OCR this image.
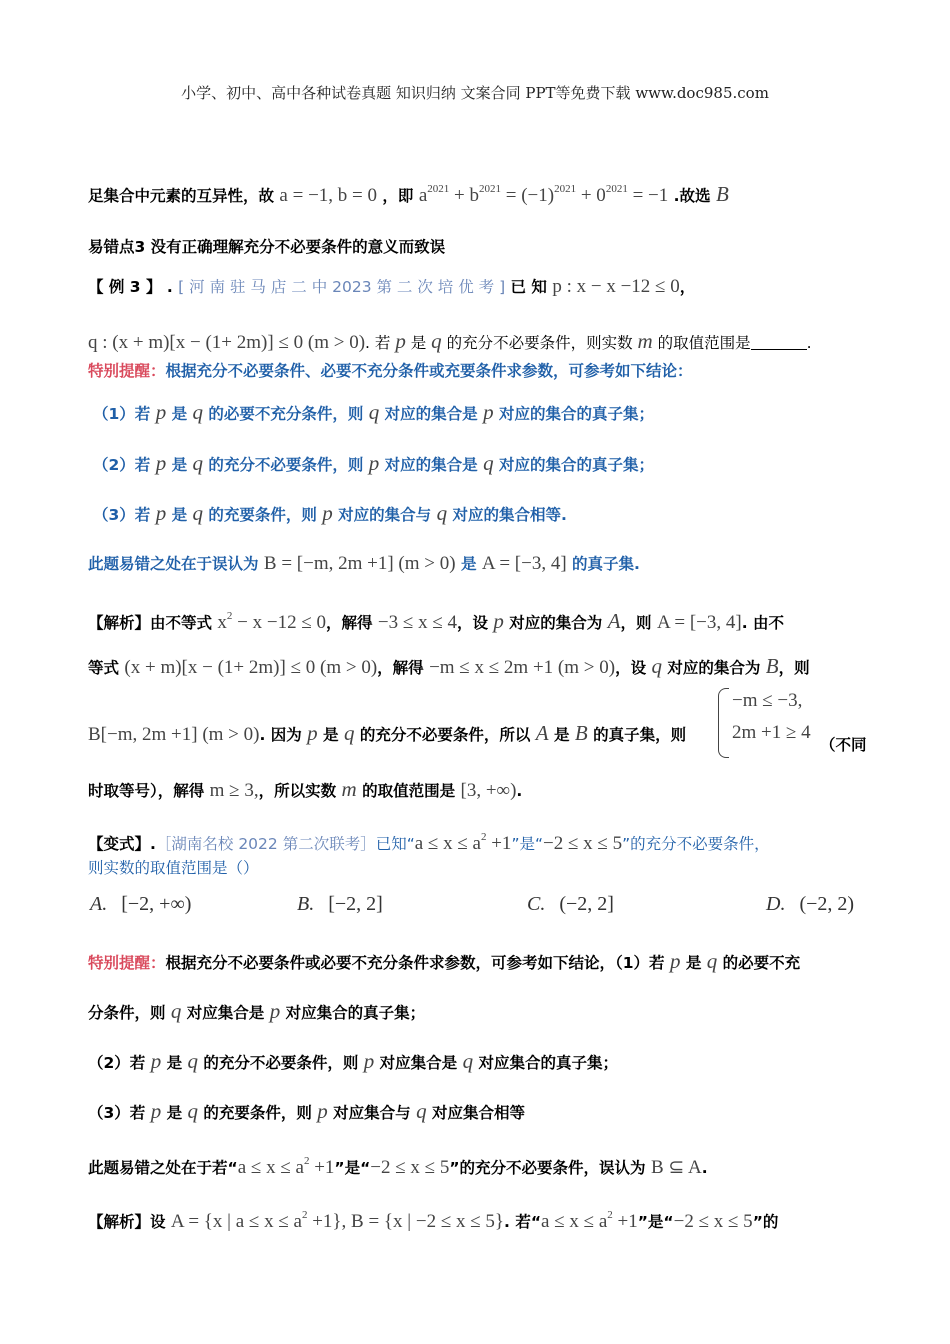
小学、初中、高中各种试卷真题 知识归纳 文案合同 PPT等免费下载 www.doc985.com
足集合中元素的互异性，故 a = −1, b = 0 ，即 $a^{2021} + b^{2021} = (-1)^{2021} + 0^{2021} = -1$ .故选 B
易错点3 没有正确理解充分不必要条件的意义而致误
【 例 3 】 . [ 河 南 驻 马 店 二 中 2023 第 二 次 培 优 考 ] 已 知 p : x − x −12 ≤ 0，
q : (x + m)[x − (1+ 2m)] ≤ 0 (m > 0). 若 p 是 q 的充分不必要条件，则实数 m 的取值范围是	.
特别提醒：根据充分不必要条件、必要不充分条件或充要条件求参数，可参考如下结论：
（1）若 p 是 q 的必要不充分条件，则 q 对应的集合是 p 对应的集合的真子集；
（2）若 p 是 q 的充分不必要条件，则 p 对应的集合是 q 对应的集合的真子集；
（3）若 p 是 q 的充要条件，则 p 对应的集合与 q 对应的集合相等.
此题易错之处在于误认为 B = [−m, 2m +1] (m > 0) 是 A = [−3, 4] 的真子集.
【解析】由不等式 $x^2 - x -12 \le 0$，解得 −3 ≤ x ≤ 4，设 p 对应的集合为 A，则 A = [−3, 4]. 由不
等式 (x + m)[x − (1+ 2m)] ≤ 0 (m > 0)，解得 −m ≤ x ≤ 2m +1 (m > 0)，设 q 对应的集合为 B，则
B[−m, 2m +1] (m > 0). 因为 p 是 q 的充分不必要条件，所以 A 是 B 的真子集，则
−m ≤ −3,
2m +1 ≥ 4
（不同
时取等号），解得 m ≥ 3,，所以实数 m 的取值范围是 [3, +∞).
【变式】.［湖南名校 2022 第二次联考］已知“$a \le x \le a^2 +1$”是“−2 ≤ x ≤ 5”的充分不必要条件，
则实数的取值范围是（）
A. [−2, +∞)	B. [−2, 2]	C. (−2, 2]	D. (−2, 2)
特别提醒：根据充分不必要条件或必要不充分条件求参数，可参考如下结论，（1）若 p 是 q 的必要不充
分条件，则 q 对应集合是 p 对应集合的真子集；
（2）若 p 是 q 的充分不必要条件，则 p 对应集合是 q 对应集合的真子集；
（3）若 p 是 q 的充要条件，则 p 对应集合与 q 对应集合相等
此题易错之处在于若“$a \le x \le a^2 +1$”是“−2 ≤ x ≤ 5”的充分不必要条件，误认为 B ⊆ A.
【解析】设 A = {x | $a \le x \le a^2 +1$}, B = {x | −2 ≤ x ≤ 5}. 若“$a \le x \le a^2 +1$”是“−2 ≤ x ≤ 5”的
